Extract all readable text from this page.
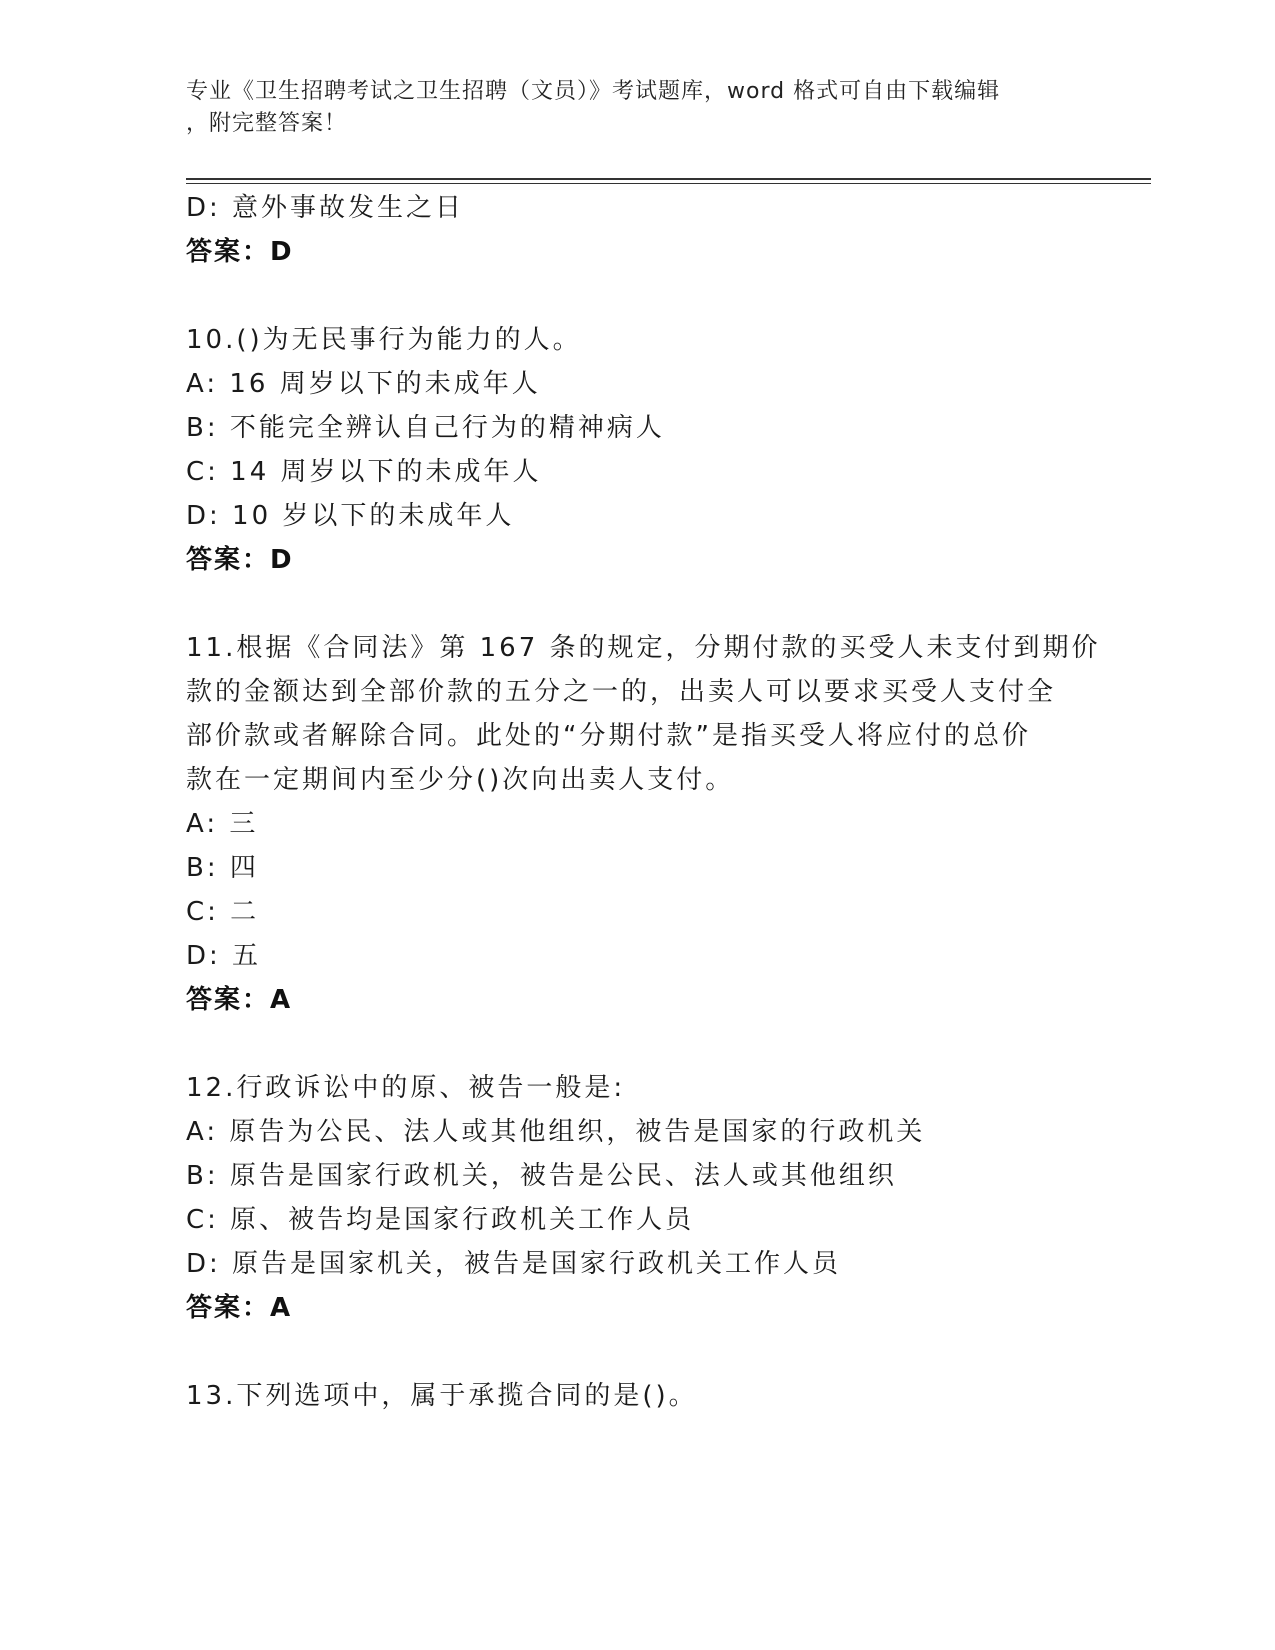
专业《卫生招聘考试之卫生招聘（文员）》考试题库，word 格式可自由下载编辑
，附完整答案！
D: 意外事故发生之日
答案：D
10.()为无民事行为能力的人。
A: 16 周岁以下的未成年人
B: 不能完全辨认自己行为的精神病人
C: 14 周岁以下的未成年人
D: 10 岁以下的未成年人
答案：D
11.根据《合同法》第 167 条的规定，分期付款的买受人未支付到期价
款的金额达到全部价款的五分之一的，出卖人可以要求买受人支付全
部价款或者解除合同。此处的“分期付款”是指买受人将应付的总价
款在一定期间内至少分()次向出卖人支付。
A: 三
B: 四
C: 二
D: 五
答案：A
12.行政诉讼中的原、被告一般是:
A: 原告为公民、法人或其他组织，被告是国家的行政机关
B: 原告是国家行政机关，被告是公民、法人或其他组织
C: 原、被告均是国家行政机关工作人员
D: 原告是国家机关，被告是国家行政机关工作人员
答案：A
13.下列选项中，属于承揽合同的是()。
